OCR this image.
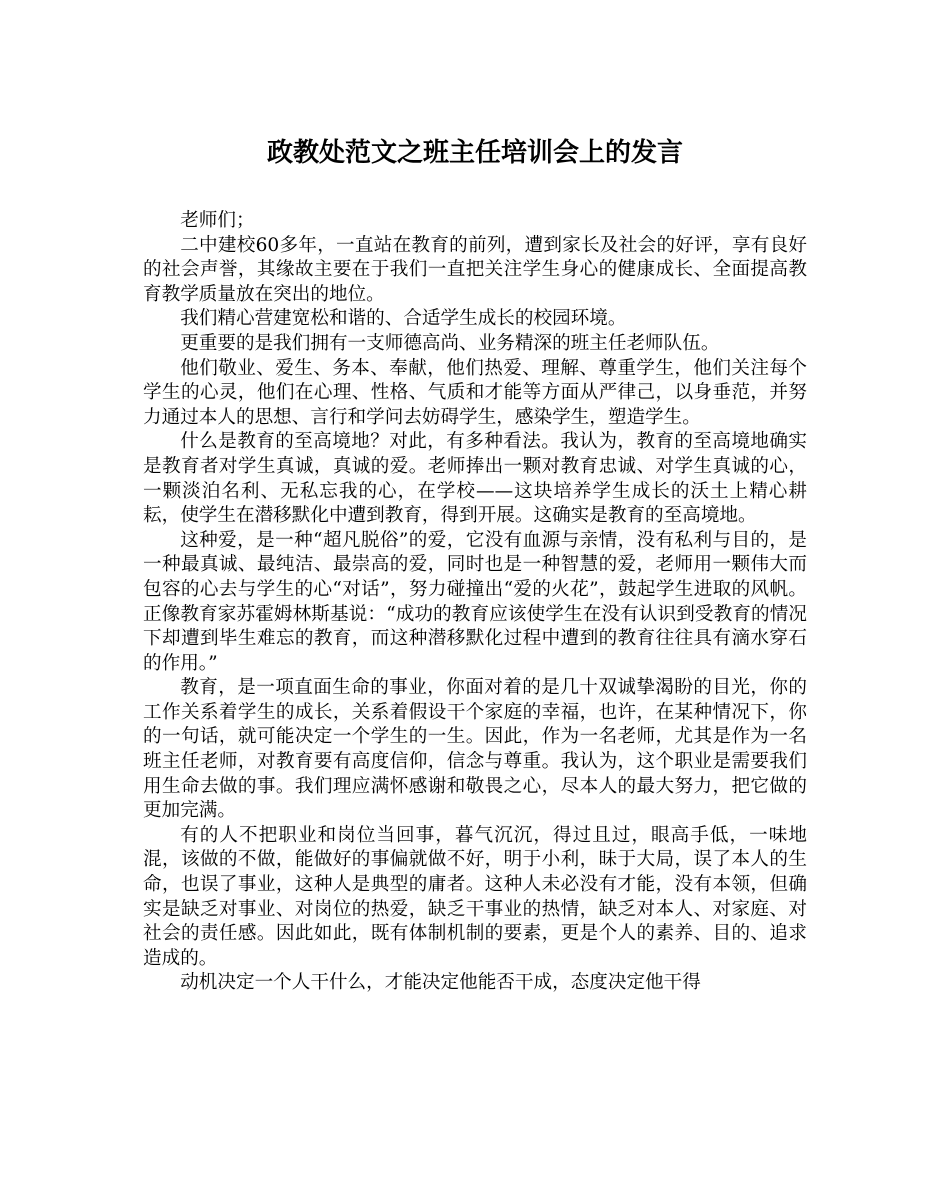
政教处范文之班主任培训会上的发言

老师们；

二中建校60多年，一直站在教育的前列，遭到家长及社会的好评，享有良好的社会声誉，其缘故主要在于我们一直把关注学生身心的健康成长、全面提高教育教学质量放在突出的地位。

我们精心营建宽松和谐的、合适学生成长的校园环境。

更重要的是我们拥有一支师德高尚、业务精深的班主任老师队伍。

他们敬业、爱生、务本、奉献，他们热爱、理解、尊重学生，他们关注每个学生的心灵，他们在心理、性格、气质和才能等方面从严律己，以身垂范，并努力通过本人的思想、言行和学问去妨碍学生，感染学生，塑造学生。

什么是教育的至高境地？对此，有多种看法。我认为，教育的至高境地确实是教育者对学生真诚，真诚的爱。老师捧出一颗对教育忠诚、对学生真诚的心，一颗淡泊名利、无私忘我的心，在学校——这块培养学生成长的沃土上精心耕耘，使学生在潜移默化中遭到教育，得到开展。这确实是教育的至高境地。

这种爱，是一种“超凡脱俗”的爱，它没有血源与亲情，没有私利与目的，是一种最真诚、最纯洁、最崇高的爱，同时也是一种智慧的爱，老师用一颗伟大而包容的心去与学生的心“对话”，努力碰撞出“爱的火花”，鼓起学生进取的风帆。正像教育家苏霍姆林斯基说：“成功的教育应该使学生在没有认识到受教育的情况下却遭到毕生难忘的教育，而这种潜移默化过程中遭到的教育往往具有滴水穿石的作用。”

教育，是一项直面生命的事业，你面对着的是几十双诚挚渴盼的目光，你的工作关系着学生的成长，关系着假设干个家庭的幸福，也许，在某种情况下，你的一句话，就可能决定一个学生的一生。因此，作为一名老师，尤其是作为一名班主任老师，对教育要有高度信仰，信念与尊重。我认为，这个职业是需要我们用生命去做的事。我们理应满怀感谢和敬畏之心，尽本人的最大努力，把它做的更加完满。

有的人不把职业和岗位当回事，暮气沉沉，得过且过，眼高手低，一味地混，该做的不做，能做好的事偏就做不好，明于小利，昧于大局，误了本人的生命，也误了事业，这种人是典型的庸者。这种人未必没有才能，没有本领，但确实是缺乏对事业、对岗位的热爱，缺乏干事业的热情，缺乏对本人、对家庭、对社会的责任感。因此如此，既有体制机制的要素，更是个人的素养、目的、追求造成的。

动机决定一个人干什么，才能决定他能否干成，态度决定他干得
